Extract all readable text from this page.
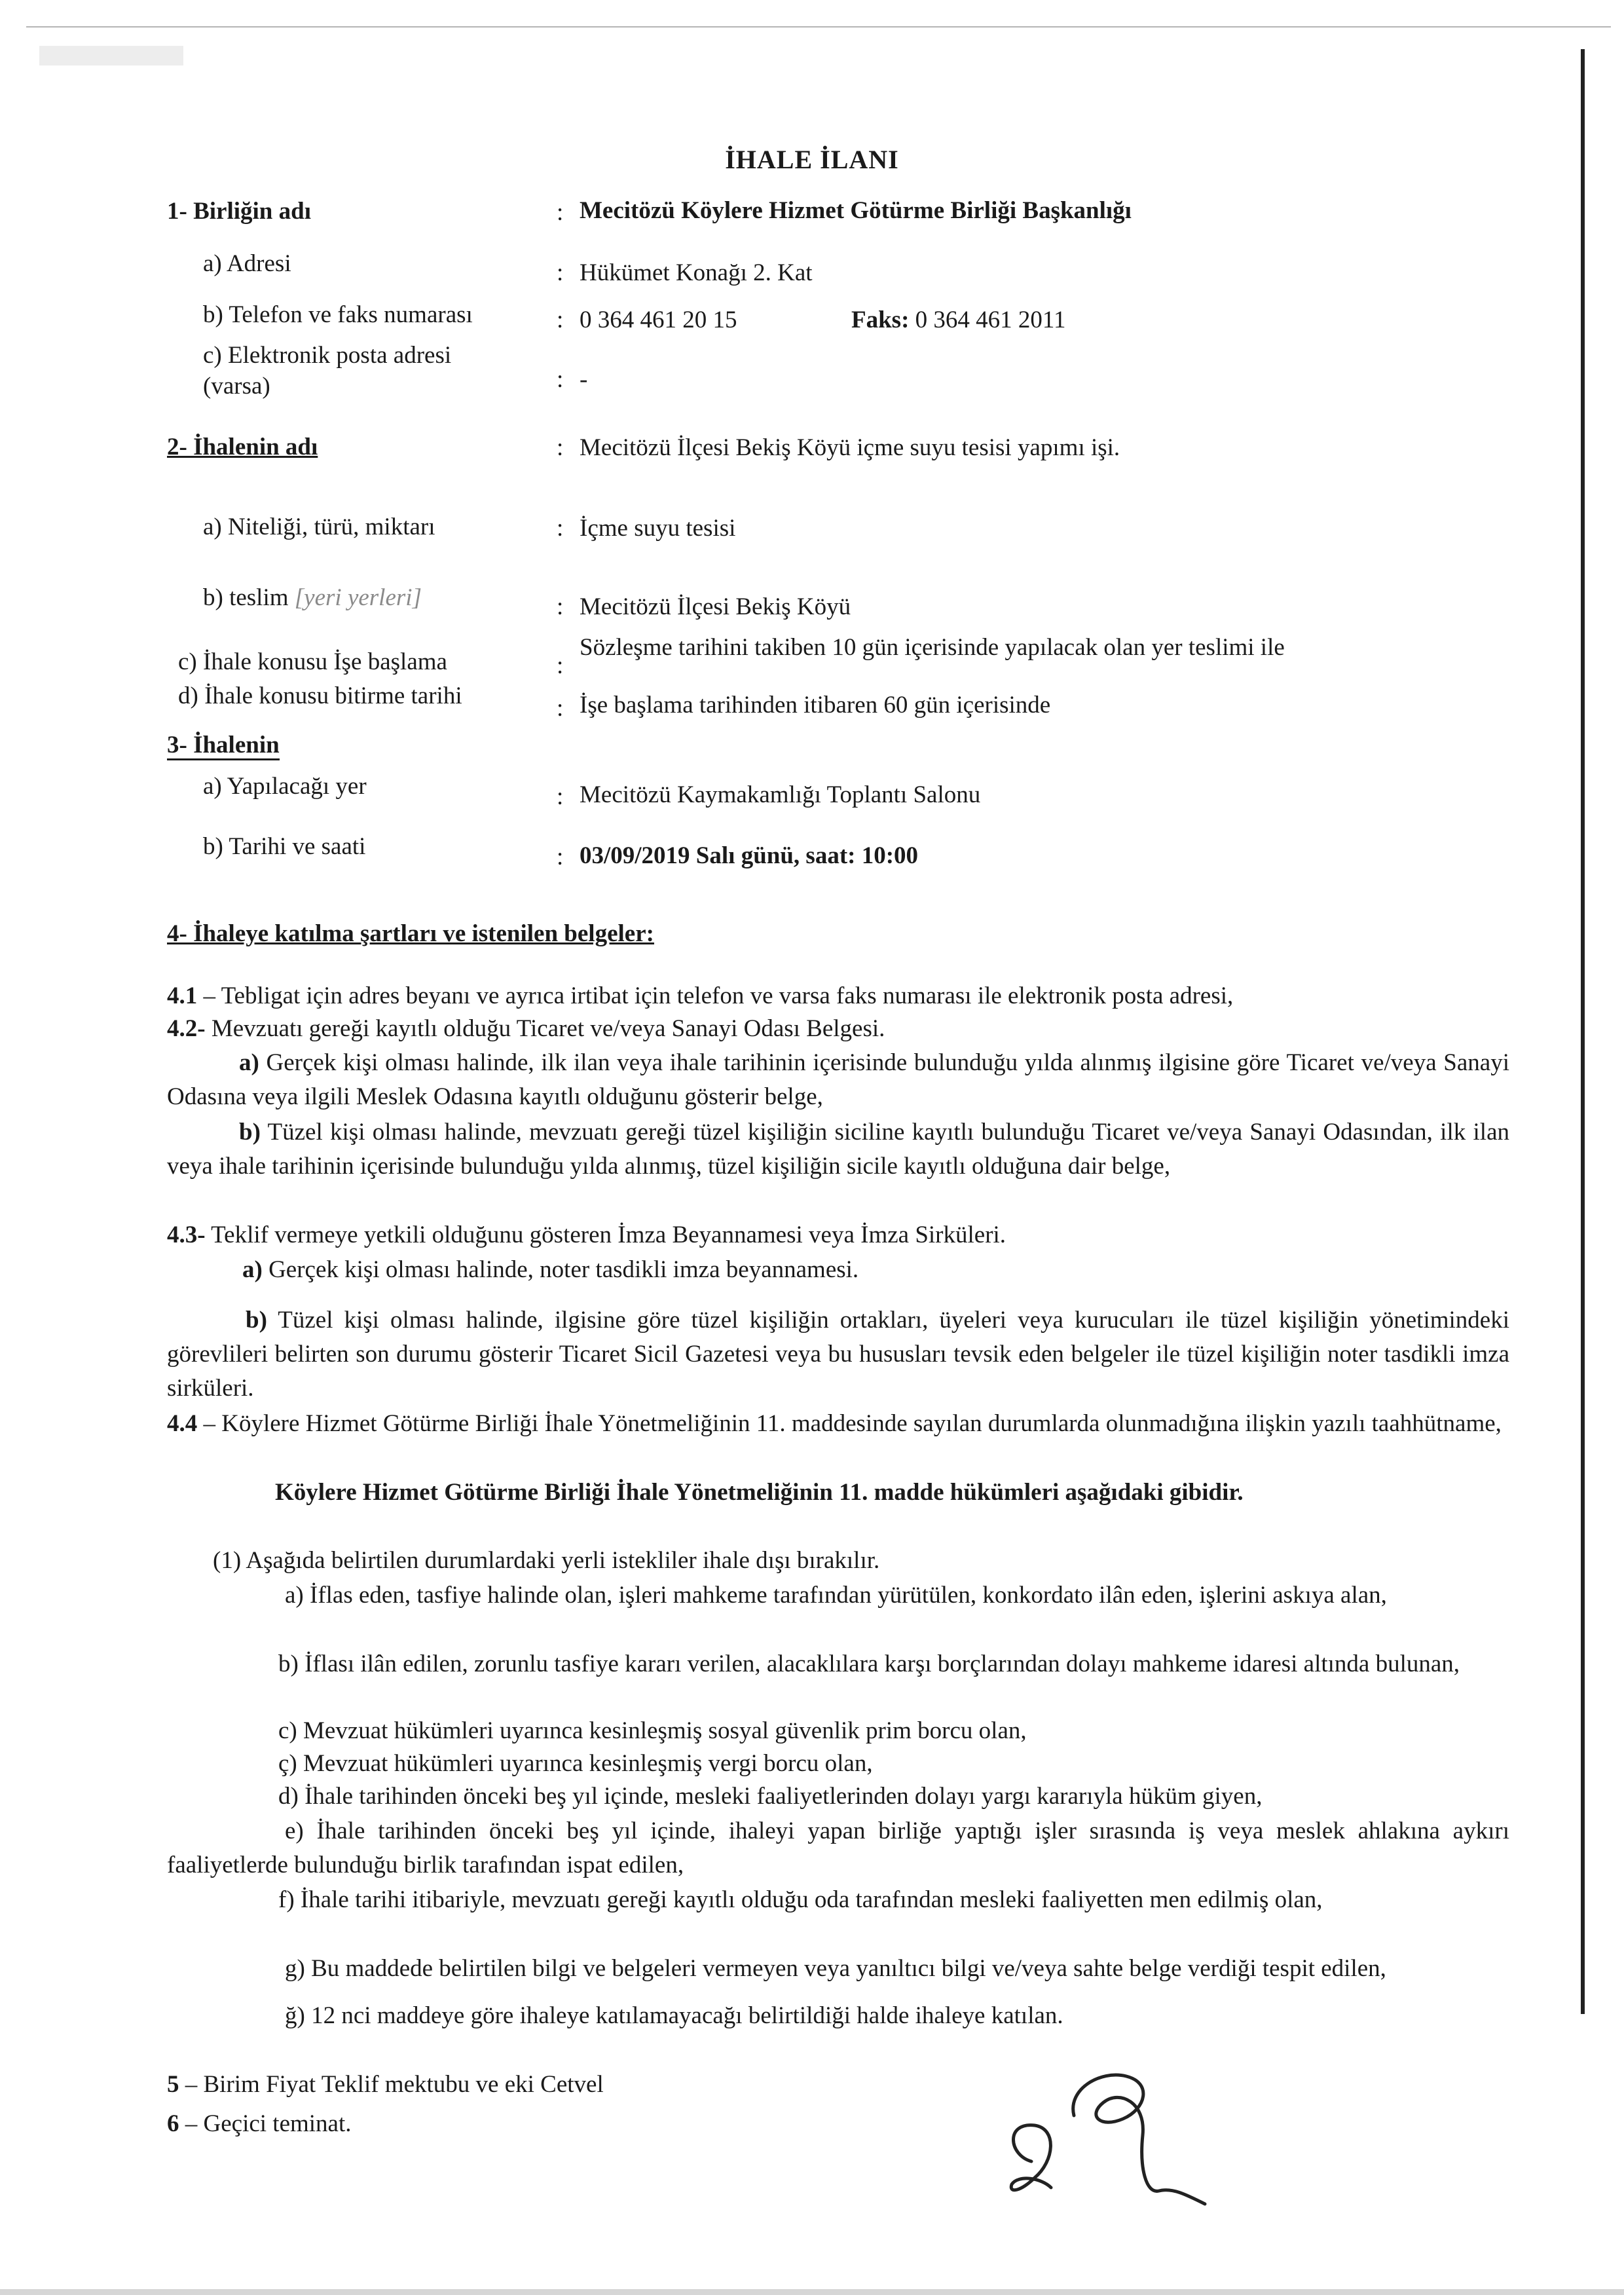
İHALE İLANI
1- Birliğin adı	: Mecitözü Köylere Hizmet Götürme Birliği Başkanlığı
a) Adresi	: Hükümet Konağı 2. Kat
b) Telefon ve faks numarası	: 0 364 461 20 15	Faks: 0 364 461 2011
c) Elektronik posta adresi
(varsa)	: -
2- İhalenin adı	: Mecitözü İlçesi Bekiş Köyü içme suyu tesisi yapımı işi.
a) Niteliği, türü, miktarı	: İçme suyu tesisi
b) teslim [yeri yerleri]	: Mecitözü İlçesi Bekiş Köyü
c) İhale konusu İşe başlama	:
Sözleşme tarihini takiben 10 gün içerisinde yapılacak olan yer teslimi ile
d) İhale konusu bitirme tarihi	: İşe başlama tarihinden itibaren 60 gün içerisinde
3- İhalenin
a) Yapılacağı yer	: Mecitözü Kaymakamlığı Toplantı Salonu
b) Tarihi ve saati	: 03/09/2019 Salı günü, saat: 10:00
4- İhaleye katılma şartları ve istenilen belgeler:
4.1 – Tebligat için adres beyanı ve ayrıca irtibat için telefon ve varsa faks numarası ile elektronik posta adresi,
4.2- Mevzuatı gereği kayıtlı olduğu Ticaret ve/veya Sanayi Odası Belgesi.
a) Gerçek kişi olması halinde, ilk ilan veya ihale tarihinin içerisinde bulunduğu yılda alınmış ilgisine göre Ticaret ve/veya Sanayi Odasına veya ilgili Meslek Odasına kayıtlı olduğunu gösterir belge,
b) Tüzel kişi olması halinde, mevzuatı gereği tüzel kişiliğin siciline kayıtlı bulunduğu Ticaret ve/veya Sanayi Odasından, ilk ilan veya ihale tarihinin içerisinde bulunduğu yılda alınmış, tüzel kişiliğin sicile kayıtlı olduğuna dair belge,
4.3- Teklif vermeye yetkili olduğunu gösteren İmza Beyannamesi veya İmza Sirküleri.
a) Gerçek kişi olması halinde, noter tasdikli imza beyannamesi.
b) Tüzel kişi olması halinde, ilgisine göre tüzel kişiliğin ortakları, üyeleri veya kurucuları ile tüzel kişiliğin yönetimindeki görevlileri belirten son durumu gösterir Ticaret Sicil Gazetesi veya bu hususları tevsik eden belgeler ile tüzel kişiliğin noter tasdikli imza sirküleri.
4.4 – Köylere Hizmet Götürme Birliği İhale Yönetmeliğinin 11. maddesinde sayılan durumlarda olunmadığına ilişkin yazılı taahhütname,
Köylere Hizmet Götürme Birliği İhale Yönetmeliğinin 11. madde hükümleri aşağıdaki gibidir.
(1) Aşağıda belirtilen durumlardaki yerli istekliler ihale dışı bırakılır.
a) İflas eden, tasfiye halinde olan, işleri mahkeme tarafından yürütülen, konkordato ilân eden, işlerini askıya alan,
b) İflası ilân edilen, zorunlu tasfiye kararı verilen, alacaklılara karşı borçlarından dolayı mahkeme idaresi altında bulunan,
c) Mevzuat hükümleri uyarınca kesinleşmiş sosyal güvenlik prim borcu olan,
ç) Mevzuat hükümleri uyarınca kesinleşmiş vergi borcu olan,
d) İhale tarihinden önceki beş yıl içinde, mesleki faaliyetlerinden dolayı yargı kararıyla hüküm giyen,
e) İhale tarihinden önceki beş yıl içinde, ihaleyi yapan birliğe yaptığı işler sırasında iş veya meslek ahlakına aykırı faaliyetlerde bulunduğu birlik tarafından ispat edilen,
f) İhale tarihi itibariyle, mevzuatı gereği kayıtlı olduğu oda tarafından mesleki faaliyetten men edilmiş olan,
g) Bu maddede belirtilen bilgi ve belgeleri vermeyen veya yanıltıcı bilgi ve/veya sahte belge verdiği tespit edilen,
ğ) 12 nci maddeye göre ihaleye katılamayacağı belirtildiği halde ihaleye katılan.
5 – Birim Fiyat Teklif mektubu ve eki Cetvel
6 – Geçici teminat.
